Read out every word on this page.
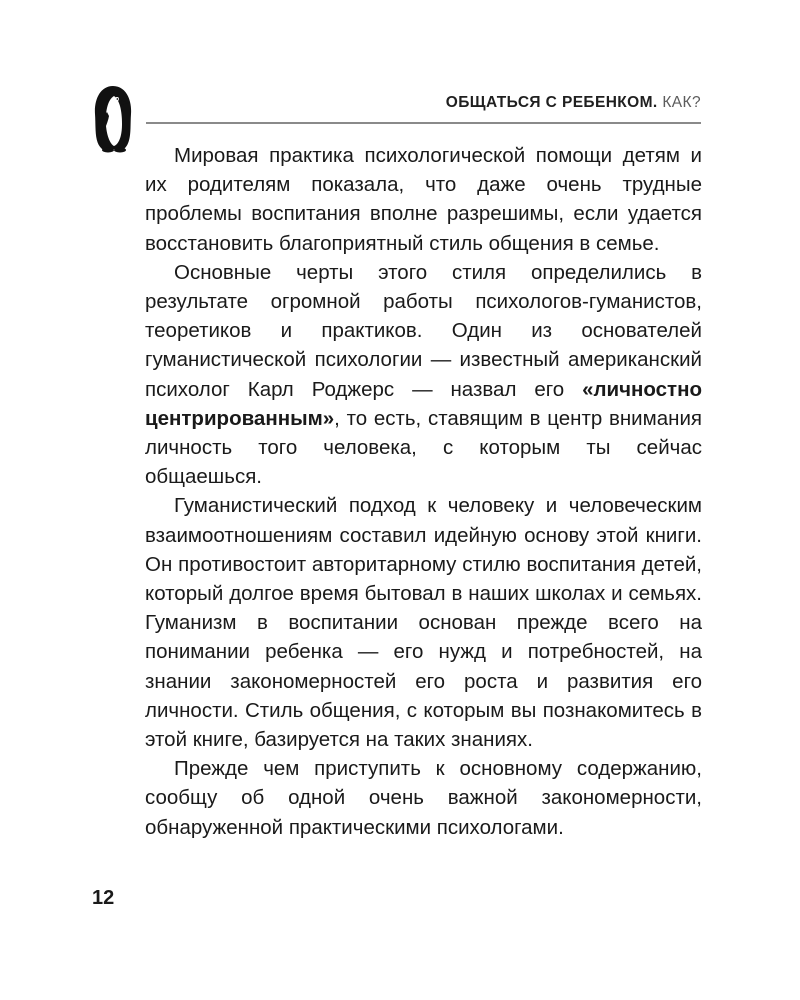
ОБЩАТЬСЯ С РЕБЕНКОМ. КАК?

Мировая практика психологической помощи детям и их родителям показала, что даже очень трудные проблемы воспитания вполне разрешимы, если удается восстановить благоприятный стиль общения в семье.

Основные черты этого стиля определились в результате огромной работы психологов-гуманистов, теоретиков и практиков. Один из основателей гуманистической психологии — известный американский психолог Карл Роджерс — назвал его «личностно центрированным», то есть, ставящим в центр внимания личность того человека, с которым ты сейчас общаешься.

Гуманистический подход к человеку и человеческим взаимоотношениям составил идейную основу этой книги. Он противостоит авторитарному стилю воспитания детей, который долгое время бытовал в наших школах и семьях. Гуманизм в воспитании основан прежде всего на понимании ребенка — его нужд и потребностей, на знании закономерностей его роста и развития его личности. Стиль общения, с которым вы познакомитесь в этой книге, базируется на таких знаниях.

Прежде чем приступить к основному содержанию, сообщу об одной очень важной закономерности, обнаруженной практическими психологами.

12
